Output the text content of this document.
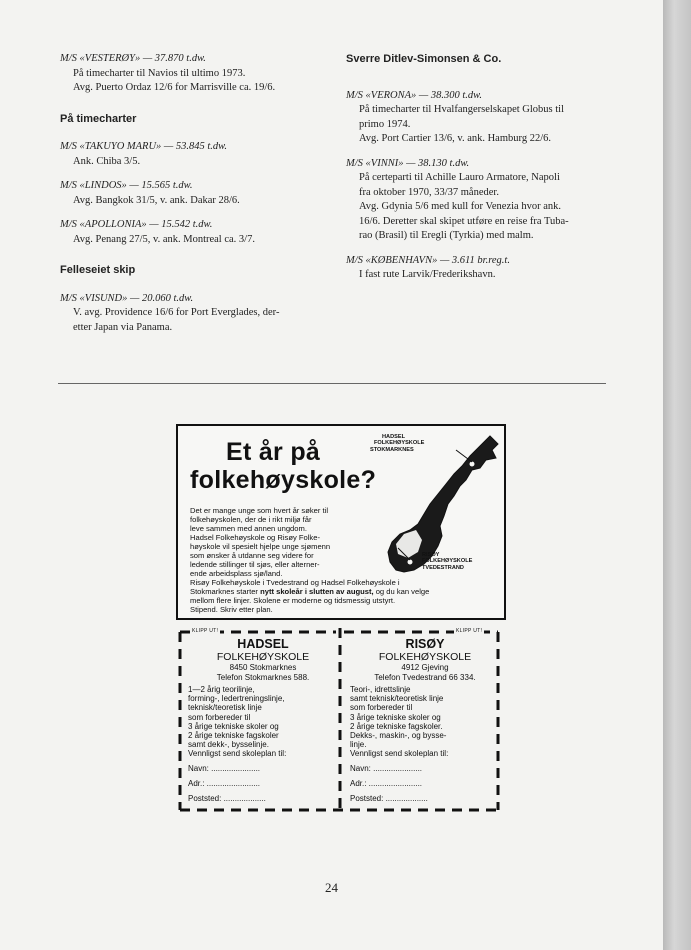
M/S «VESTERØY» — 37.870 t.dw.
På timecharter til Navios til ultimo 1973.
Avg. Puerto Ordaz 12/6 for Marrisville ca. 19/6.
På timecharter
M/S «TAKUYO MARU» — 53.845 t.dw.
Ank. Chiba 3/5.
M/S «LINDOS» — 15.565 t.dw.
Avg. Bangkok 31/5, v. ank. Dakar 28/6.
M/S «APOLLONIA» — 15.542 t.dw.
Avg. Penang 27/5, v. ank. Montreal ca. 3/7.
Felleseiet skip
M/S «VISUND» — 20.060 t.dw.
V. avg. Providence 16/6 for Port Everglades, der-
etter Japan via Panama.
Sverre Ditlev-Simonsen & Co.
M/S «VERONA» — 38.300 t.dw.
På timecharter til Hvalfangerselskapet Globus til
primo 1974.
Avg. Port Cartier 13/6, v. ank. Hamburg 22/6.
M/S «VINNI» — 38.130 t.dw.
På certeparti til Achille Lauro Armatore, Napoli
fra oktober 1970, 33/37 måneder.
Avg. Gdynia 5/6 med kull for Venezia hvor ank.
16/6. Deretter skal skipet utføre en reise fra Tuba-
rao (Brasil) til Eregli (Tyrkia) med malm.
M/S «KØBENHAVN» — 3.611 br.reg.t.
I fast rute Larvik/Frederikshavn.
HADSEL
FOLKEHØYSKOLE
STOKMARKNES
RISØY
FOLKEHØYSKOLE
TVEDESTRAND
Et år på
folkehøyskole?
Det er mange unge som hvert år søker til
folkehøyskolen, der de i rikt miljø får
leve sammen med annen ungdom.
Hadsel Folkehøyskole og Risøy Folke-
høyskole vil spesielt hjelpe unge sjømenn
som ønsker å utdanne seg videre for
ledende stillinger til sjøs, eller alterner-
ende arbeidsplass sjø/land.
Risøy Folkehøyskole i Tvedestrand og Hadsel Folkehøyskole i
Stokmarknes starter nytt skoleår i slutten av august, og du kan velge
mellom flere linjer. Skolene er moderne og tidsmessig utstyrt.
Stipend. Skriv etter plan.
KLIPP UT!	KLIPP UT!
HADSEL
FOLKEHØYSKOLE
8450 Stokmarknes
Telefon Stokmarknes 588.
1—2 årig teorilinje,
forming-, ledertreningslinje,
teknisk/teoretisk linje
som forbereder til
3 årige tekniske skoler og
2 årige tekniske fagskoler
samt dekk-, bysselinje.
Vennligst send skoleplan til:
Navn: ......................
Adr.: ........................
Poststed: ...................
RISØY
FOLKEHØYSKOLE
4912 Gjeving
Telefon Tvedestrand 66 334.
Teori-, idrettslinje
samt teknisk/teoretisk linje
som forbereder til
3 årige tekniske skoler og
2 årige tekniske fagskoler.
Dekks-, maskin-, og bysse-
linje.
Vennligst send skoleplan til:
Navn: ......................
Adr.: ........................
Poststed: ...................
24
